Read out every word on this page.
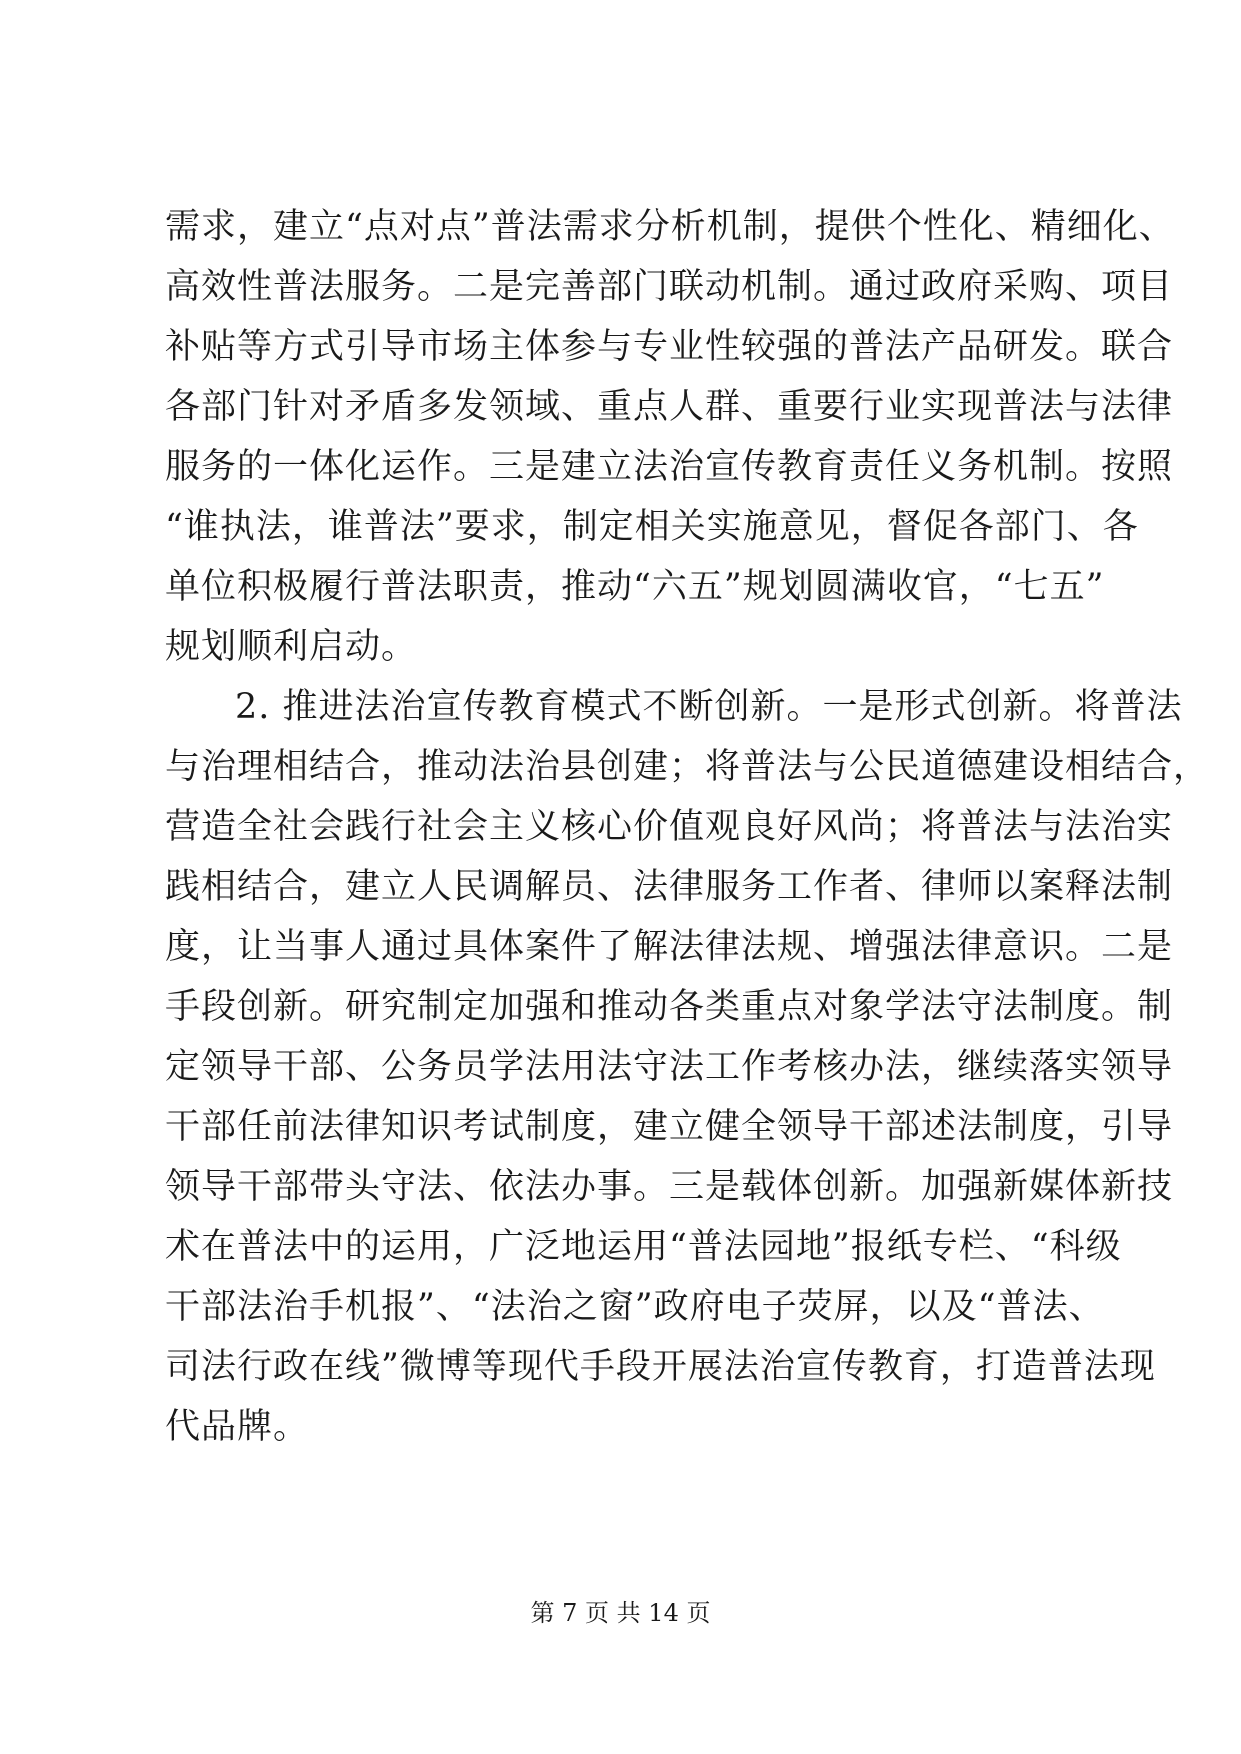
需求，建立“点对点”普法需求分析机制，提供个性化、精细化、
高效性普法服务。二是完善部门联动机制。通过政府采购、项目
补贴等方式引导市场主体参与专业性较强的普法产品研发。联合
各部门针对矛盾多发领域、重点人群、重要行业实现普法与法律
服务的一体化运作。三是建立法治宣传教育责任义务机制。按照
“谁执法，谁普法”要求，制定相关实施意见，督促各部门、各
单位积极履行普法职责，推动“六五”规划圆满收官，“七五”
规划顺利启动。
2. 推进法治宣传教育模式不断创新。一是形式创新。将普法
与治理相结合，推动法治县创建；将普法与公民道德建设相结合，
营造全社会践行社会主义核心价值观良好风尚；将普法与法治实
践相结合，建立人民调解员、法律服务工作者、律师以案释法制
度，让当事人通过具体案件了解法律法规、增强法律意识。二是
手段创新。研究制定加强和推动各类重点对象学法守法制度。制
定领导干部、公务员学法用法守法工作考核办法，继续落实领导
干部任前法律知识考试制度，建立健全领导干部述法制度，引导
领导干部带头守法、依法办事。三是载体创新。加强新媒体新技
术在普法中的运用，广泛地运用“普法园地”报纸专栏、“科级
干部法治手机报”、“法治之窗”政府电子荧屏，以及“普法、
司法行政在线”微博等现代手段开展法治宣传教育，打造普法现
代品牌。
第 7 页 共 14 页
